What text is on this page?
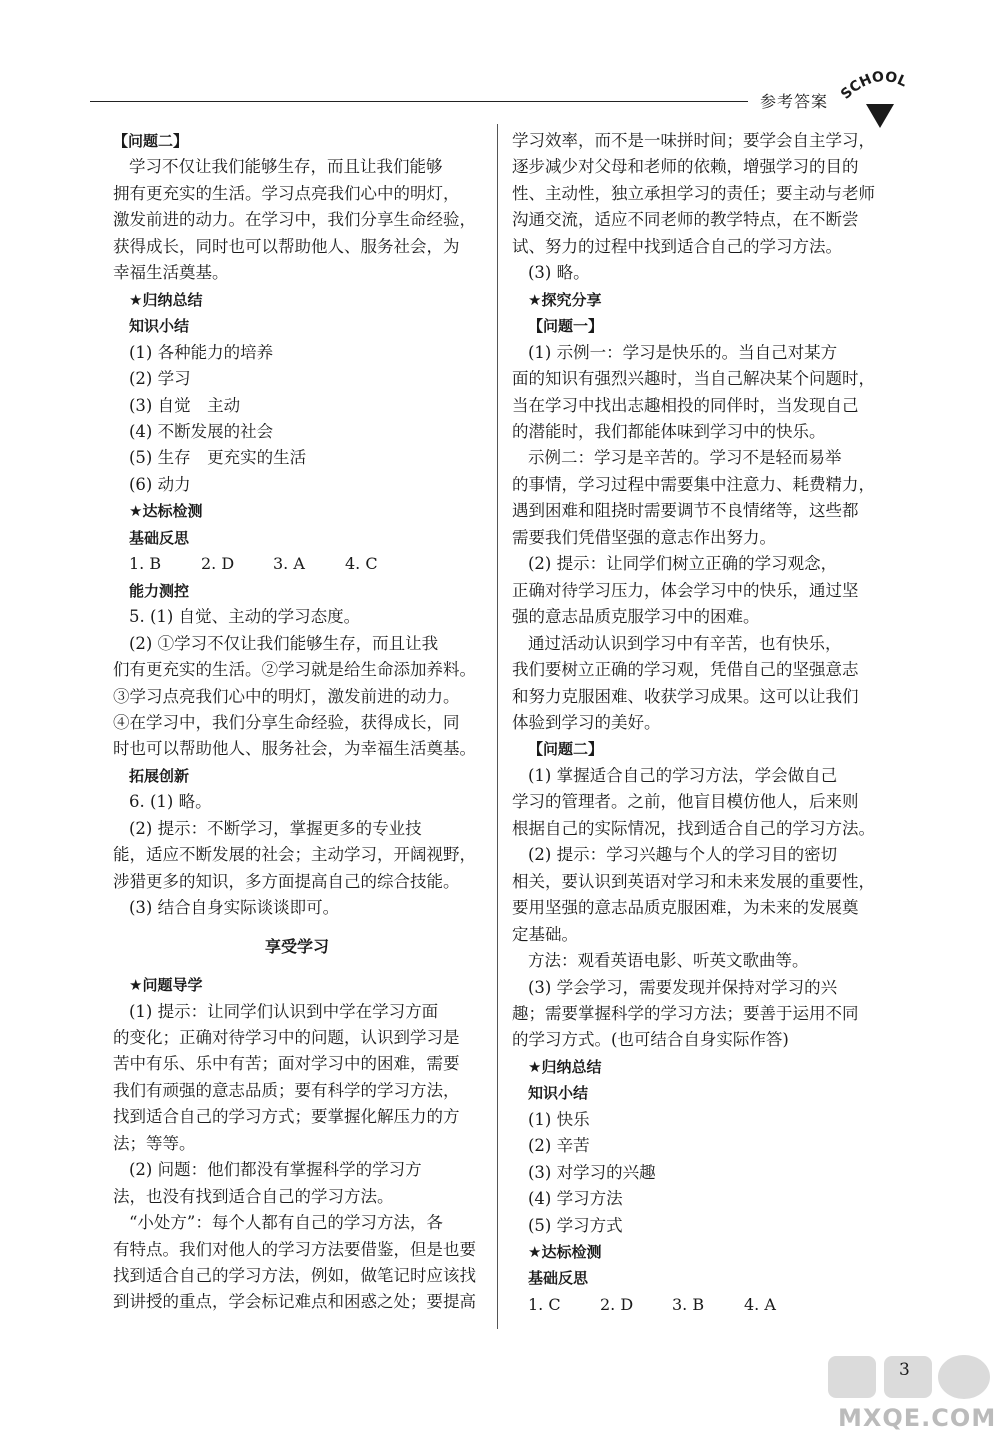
参考答案 SCHOOL
【问题二】
学习不仅让我们能够生存，而且让我们能够
拥有更充实的生活。学习点亮我们心中的明灯，
激发前进的动力。在学习中，我们分享生命经验，
获得成长，同时也可以帮助他人、服务社会，为
幸福生活奠基。
★归纳总结
知识小结
(1) 各种能力的培养
(2) 学习
(3) 自觉　主动
(4) 不断发展的社会
(5) 生存　更充实的生活
(6) 动力
★达标检测
基础反思
1. B	2. D	3. A	4. C
能力测控
5. (1) 自觉、主动的学习态度。
(2) ①学习不仅让我们能够生存，而且让我
们有更充实的生活。②学习就是给生命添加养料。
③学习点亮我们心中的明灯，激发前进的动力。
④在学习中，我们分享生命经验，获得成长，同
时也可以帮助他人、服务社会，为幸福生活奠基。
拓展创新
6. (1) 略。
(2) 提示：不断学习，掌握更多的专业技
能，适应不断发展的社会；主动学习，开阔视野，
涉猎更多的知识，多方面提高自己的综合技能。
(3) 结合自身实际谈谈即可。
享受学习
★问题导学
(1) 提示：让同学们认识到中学在学习方面
的变化；正确对待学习中的问题，认识到学习是
苦中有乐、乐中有苦；面对学习中的困难，需要
我们有顽强的意志品质；要有科学的学习方法，
找到适合自己的学习方式；要掌握化解压力的方
法；等等。
(2) 问题：他们都没有掌握科学的学习方
法，也没有找到适合自己的学习方法。
“小处方”：每个人都有自己的学习方法，各
有特点。我们对他人的学习方法要借鉴，但是也要
找到适合自己的学习方法，例如，做笔记时应该找
到讲授的重点，学会标记难点和困惑之处；要提高
学习效率，而不是一味拼时间；要学会自主学习，
逐步减少对父母和老师的依赖，增强学习的目的
性、主动性，独立承担学习的责任；要主动与老师
沟通交流，适应不同老师的教学特点，在不断尝
试、努力的过程中找到适合自己的学习方法。
(3) 略。
★探究分享
【问题一】
(1) 示例一：学习是快乐的。当自己对某方
面的知识有强烈兴趣时，当自己解决某个问题时，
当在学习中找出志趣相投的同伴时，当发现自己
的潜能时，我们都能体味到学习中的快乐。
示例二：学习是辛苦的。学习不是轻而易举
的事情，学习过程中需要集中注意力、耗费精力，
遇到困难和阻挠时需要调节不良情绪等，这些都
需要我们凭借坚强的意志作出努力。
(2) 提示：让同学们树立正确的学习观念，
正确对待学习压力，体会学习中的快乐，通过坚
强的意志品质克服学习中的困难。
通过活动认识到学习中有辛苦，也有快乐，
我们要树立正确的学习观，凭借自己的坚强意志
和努力克服困难、收获学习成果。这可以让我们
体验到学习的美好。
【问题二】
(1) 掌握适合自己的学习方法，学会做自己
学习的管理者。之前，他盲目模仿他人，后来则
根据自己的实际情况，找到适合自己的学习方法。
(2) 提示：学习兴趣与个人的学习目的密切
相关，要认识到英语对学习和未来发展的重要性，
要用坚强的意志品质克服困难，为未来的发展奠
定基础。
方法：观看英语电影、听英文歌曲等。
(3) 学会学习，需要发现并保持对学习的兴
趣；需要掌握科学的学习方法；要善于运用不同
的学习方式。(也可结合自身实际作答)
★归纳总结
知识小结
(1) 快乐
(2) 辛苦
(3) 对学习的兴趣
(4) 学习方法
(5) 学习方式
★达标检测
基础反思
1. C	2. D	3. B	4. A
MXQE.COM
3
